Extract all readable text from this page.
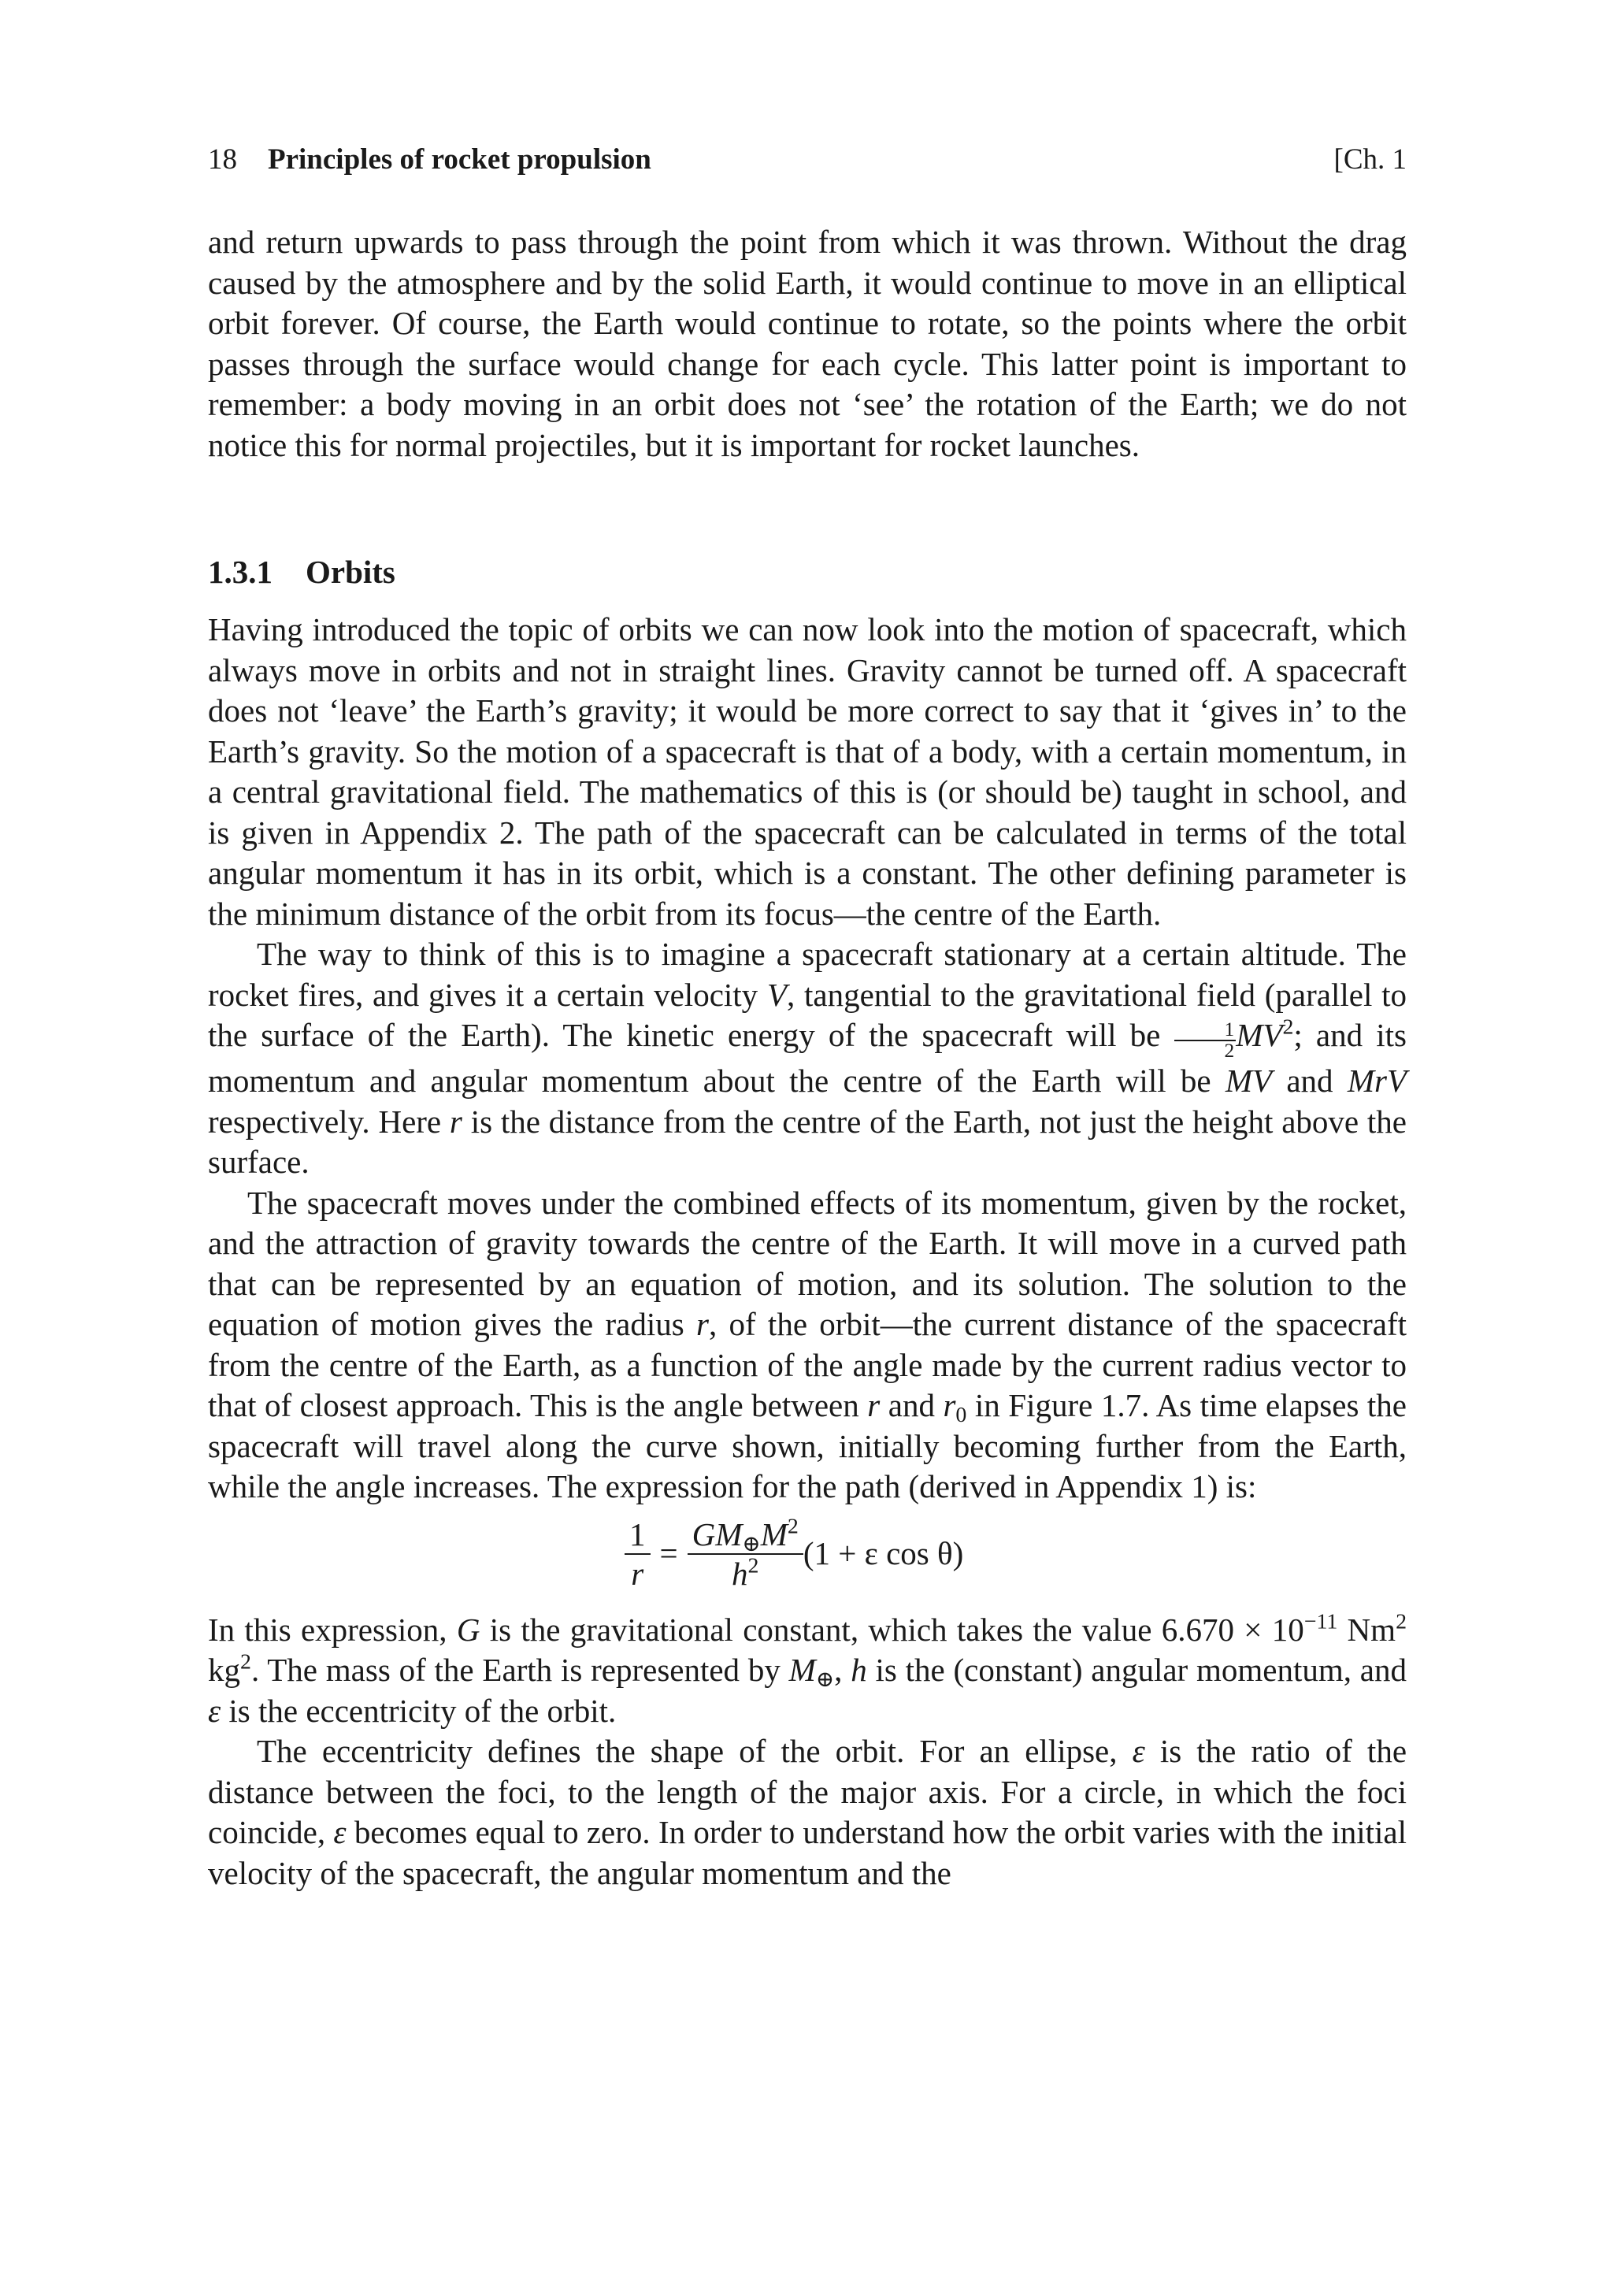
18 Principles of rocket propulsion	[Ch. 1

and return upwards to pass through the point from which it was thrown. Without the drag caused by the atmosphere and by the solid Earth, it would continue to move in an elliptical orbit forever. Of course, the Earth would continue to rotate, so the points where the orbit passes through the surface would change for each cycle. This latter point is important to remember: a body moving in an orbit does not ‘see’ the rotation of the Earth; we do not notice this for normal projectiles, but it is important for rocket launches.

1.3.1 Orbits

Having introduced the topic of orbits we can now look into the motion of spacecraft, which always move in orbits and not in straight lines. Gravity cannot be turned off. A spacecraft does not ‘leave’ the Earth’s gravity; it would be more correct to say that it ‘gives in’ to the Earth’s gravity. So the motion of a spacecraft is that of a body, with a certain momentum, in a central gravitational field. The mathematics of this is (or should be) taught in school, and is given in Appendix 2. The path of the spacecraft can be calculated in terms of the total angular momentum it has in its orbit, which is a constant. The other defining parameter is the minimum distance of the orbit from its focus—the centre of the Earth.

The way to think of this is to imagine a spacecraft stationary at a certain altitude. The rocket fires, and gives it a certain velocity V, tangential to the gravitational field (parallel to the surface of the Earth). The kinetic energy of the spacecraft will be $\frac{1}{2} MV^2$; and its momentum and angular momentum about the centre of the Earth will be MV and MrV respectively. Here r is the distance from the centre of the Earth, not just the height above the surface.

The spacecraft moves under the combined effects of its momentum, given by the rocket, and the attraction of gravity towards the centre of the Earth. It will move in a curved path that can be represented by an equation of motion, and its solution. The solution to the equation of motion gives the radius r, of the orbit—the current distance of the spacecraft from the centre of the Earth, as a function of the angle made by the current radius vector to that of closest approach. This is the angle between r and $r_0$ in Figure 1.7. As time elapses the spacecraft will travel along the curve shown, initially becoming further from the Earth, while the angle increases. The expression for the path (derived in Appendix 1) is:

$\frac{1}{r} = \frac{GM\oplus M^2}{h^2} (1 + \varepsilon$ cos θ)

In this expression, G is the gravitational constant, which takes the value $6.670 \times 10^{-11}$ Nm$^2$ $kg^2$. The mass of the Earth is represented by $M_\oplus$, h is the (constant) angular momentum, and ε is the eccentricity of the orbit.

The eccentricity defines the shape of the orbit. For an ellipse, ε is the ratio of the distance between the foci, to the length of the major axis. For a circle, in which the foci coincide, ε becomes equal to zero. In order to understand how the orbit varies with the initial velocity of the spacecraft, the angular momentum and the
